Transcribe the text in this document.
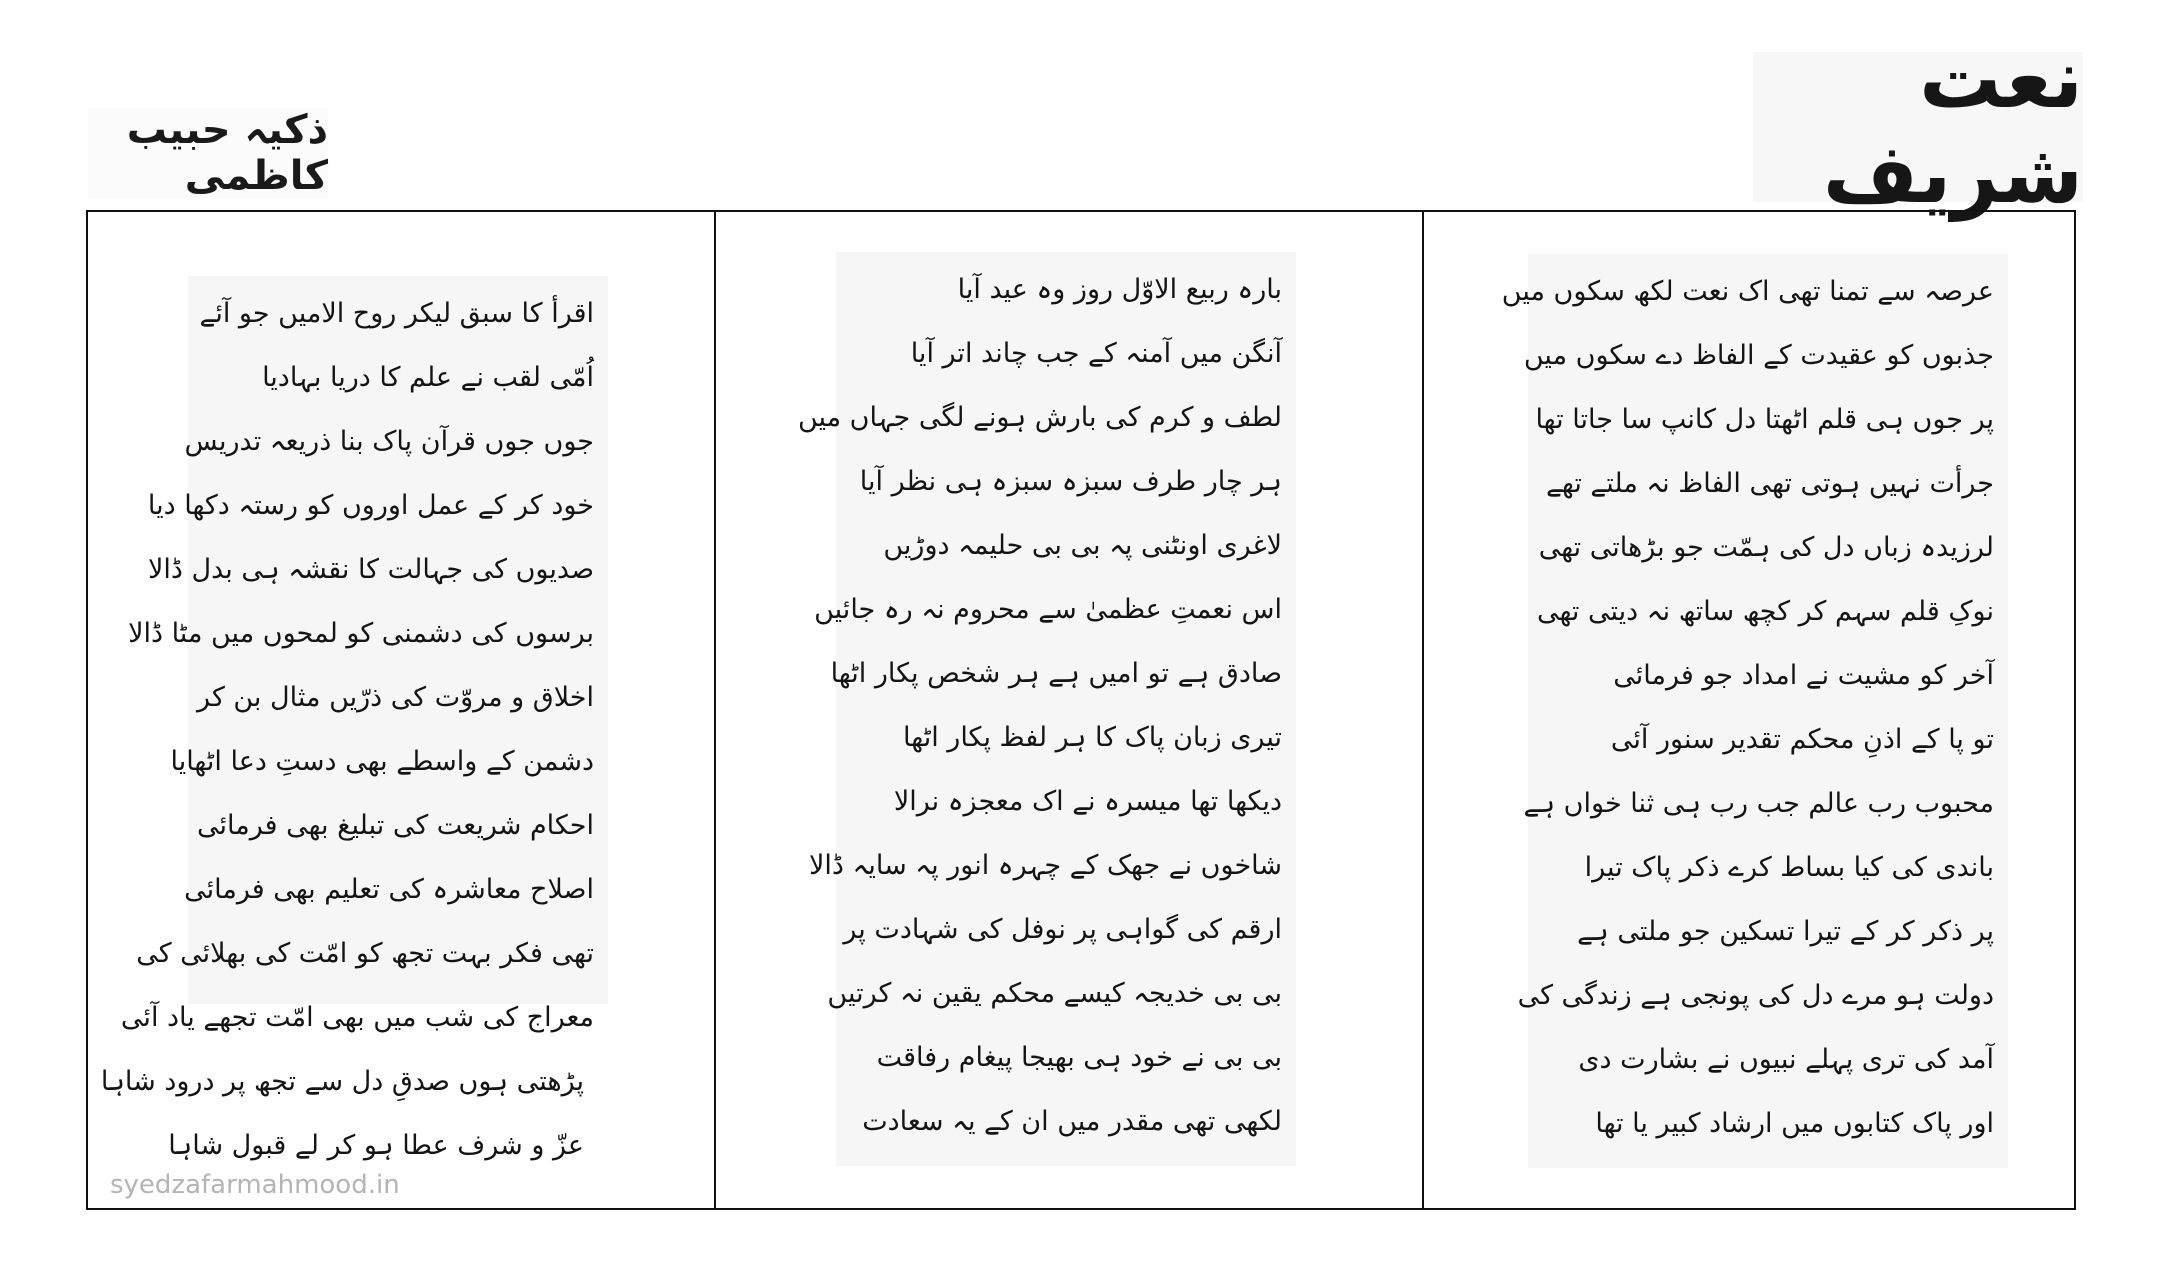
نعت شریف
ذکیہ حبیب کاظمی

اقرأ کا سبق لیکر روح الامیں جو آئے

اُمّی لقب نے علم کا دریا بہادیا

جوں جوں قرآن پاک بنا ذریعہ تدریس

خود کر کے عمل اوروں کو رستہ دکھا دیا

صدیوں کی جہالت کا نقشہ ہی بدل ڈالا

برسوں کی دشمنی کو لمحوں میں مٹا ڈالا

اخلاق و مروّت کی ذرّیں مثال بن کر

دشمن کے واسطے بھی دستِ دعا اٹھایا

احکام شریعت کی تبلیغ بھی فرمائی

اصلاح معاشرہ کی تعلیم بھی فرمائی

تھی فکر بہت تجھ کو امّت کی بھلائی کی

معراج کی شب میں بھی امّت تجھے یاد آئی

پڑھتی ہوں صدقِ دل سے تجھ پر درود شاہا

عزّ و شرف عطا ہو کر لے قبول شاہا

syedzafarmahmood.in

بارہ ربیع الاوّل روز وہ عید آیا

آنگن میں آمنہ کے جب چاند اتر آیا

لطف و کرم کی بارش ہونے لگی جہاں میں

ہر چار طرف سبزہ سبزہ ہی نظر آیا

لاغری اونٹنی پہ بی بی حلیمہ دوڑیں

اس نعمتِ عظمیٰ سے محروم نہ رہ جائیں

صادق ہے تو امیں ہے ہر شخص پکار اٹھا

تیری زبان پاک کا ہر لفظ پکار اٹھا

دیکھا تھا میسرہ نے اک معجزہ نرالا

شاخوں نے جھک کے چہرہ انور پہ سایہ ڈالا

ارقم کی گواہی پر نوفل کی شہادت پر

بی بی خدیجہ کیسے محکم یقین نہ کرتیں

بی بی نے خود ہی بھیجا پیغام رفاقت

لکھی تھی مقدر میں ان کے یہ سعادت

عرصہ سے تمنا تھی اک نعت لکھ سکوں میں

جذبوں کو عقیدت کے الفاظ دے سکوں میں

پر جوں ہی قلم اٹھتا دل کانپ سا جاتا تھا

جرأت نہیں ہوتی تھی الفاظ نہ ملتے تھے

لرزیدہ زباں دل کی ہمّت جو بڑھاتی تھی

نوکِ قلم سہم کر کچھ ساتھ نہ دیتی تھی

آخر کو مشیت نے امداد جو فرمائی

تو پا کے اذنِ محکم تقدیر سنور آئی

محبوب رب عالم جب رب ہی ثنا خواں ہے

باندی کی کیا بساط کرے ذکر پاک تیرا

پر ذکر کر کے تیرا تسکین جو ملتی ہے

دولت ہو مرے دل کی پونجی ہے زندگی کی

آمد کی تری پہلے نبیوں نے بشارت دی

اور پاک کتابوں میں ارشاد کبیر یا تھا
